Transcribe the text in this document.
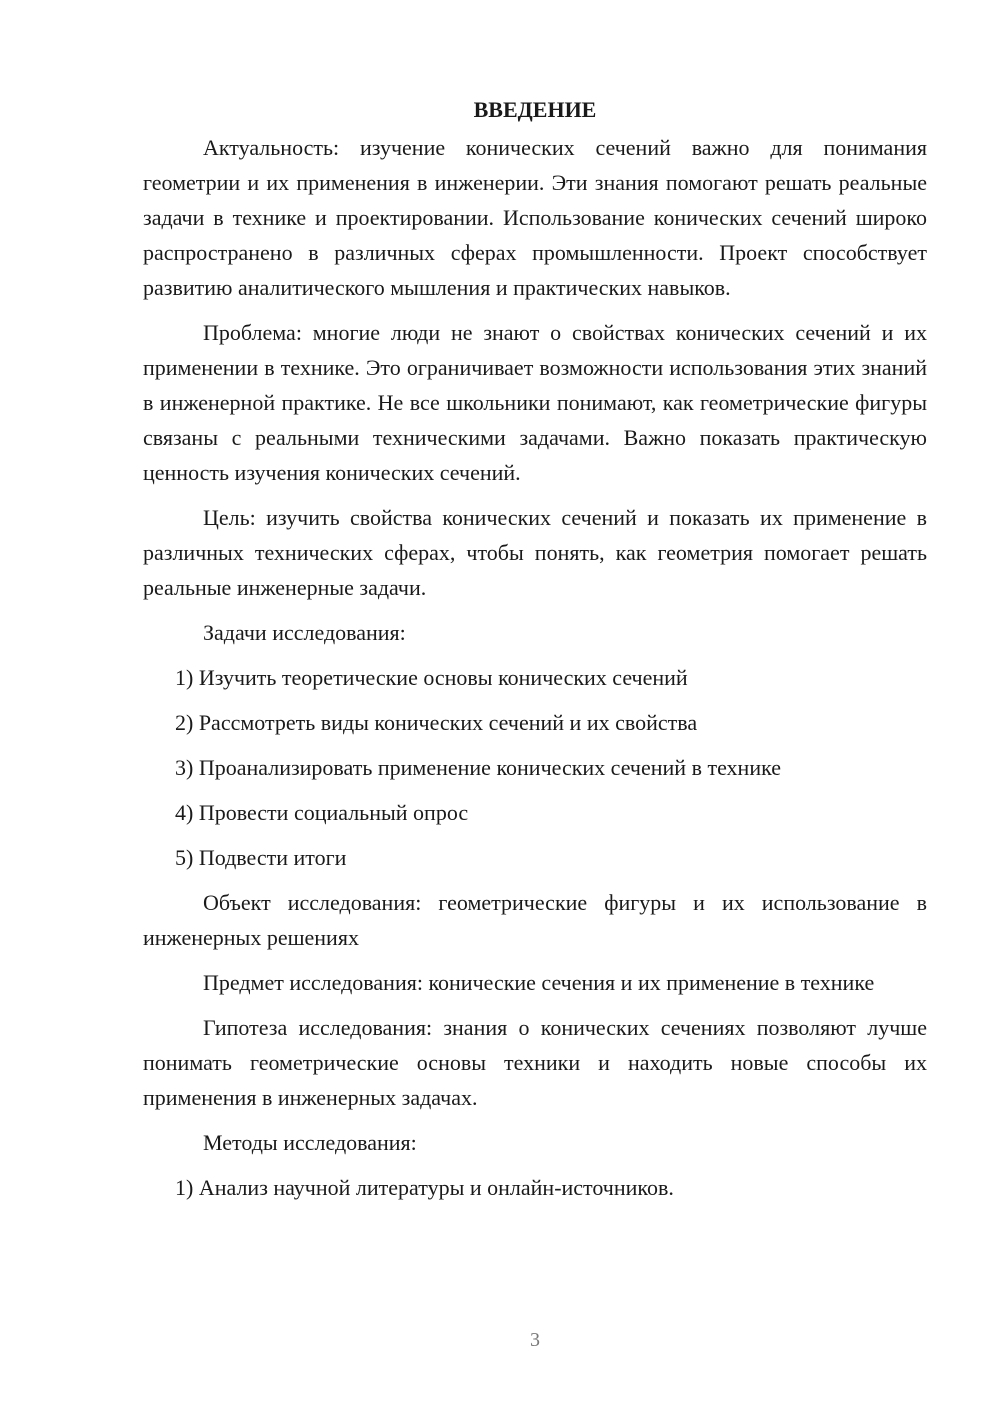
ВВЕДЕНИЕ

Актуальность: изучение конических сечений важно для понимания геометрии и их применения в инженерии. Эти знания помогают решать реальные задачи в технике и проектировании. Использование конических сечений широко распространено в различных сферах промышленности. Проект способствует развитию аналитического мышления и практических навыков.

Проблема: многие люди не знают о свойствах конических сечений и их применении в технике. Это ограничивает возможности использования этих знаний в инженерной практике. Не все школьники понимают, как геометрические фигуры связаны с реальными техническими задачами. Важно показать практическую ценность изучения конических сечений.

Цель: изучить свойства конических сечений и показать их применение в различных технических сферах, чтобы понять, как геометрия помогает решать реальные инженерные задачи.

Задачи исследования:

1) Изучить теоретические основы конических сечений
2) Рассмотреть виды конических сечений и их свойства
3) Проанализировать применение конических сечений в технике
4) Провести социальный опрос
5) Подвести итоги

Объект исследования: геометрические фигуры и их использование в инженерных решениях

Предмет исследования: конические сечения и их применение в технике

Гипотеза исследования: знания о конических сечениях позволяют лучше понимать геометрические основы техники и находить новые способы их применения в инженерных задачах.

Методы исследования:

1) Анализ научной литературы и онлайн-источников.
3
